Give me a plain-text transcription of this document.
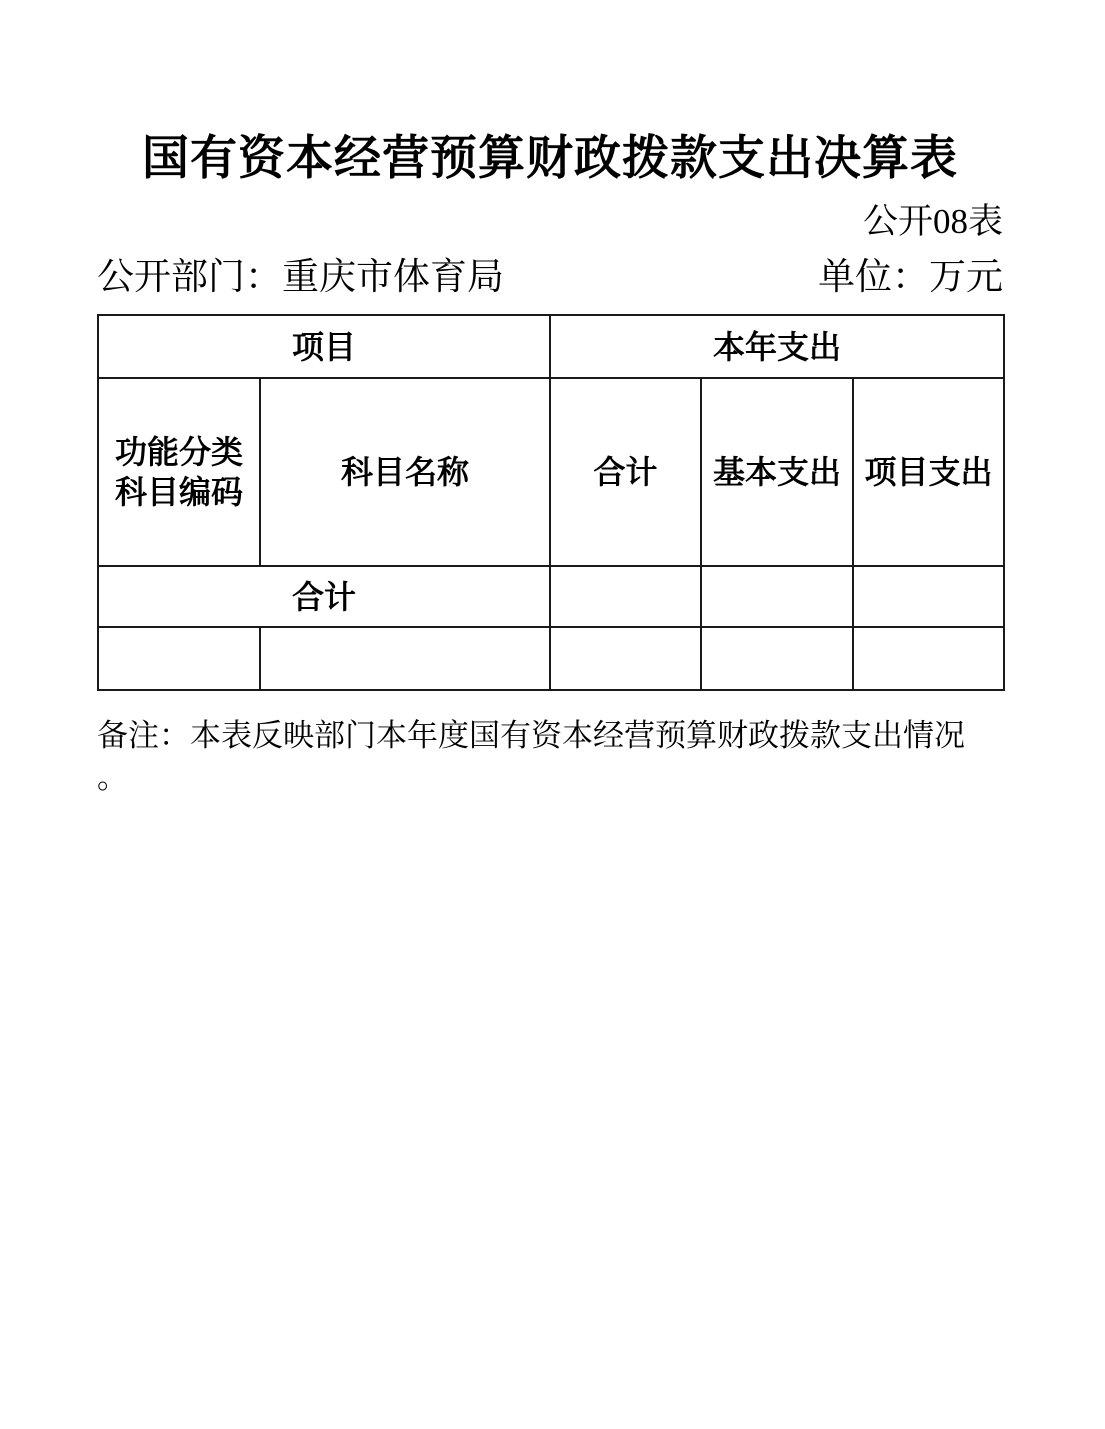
国有资本经营预算财政拨款支出决算表
公开08表
公开部门：重庆市体育局	单位：万元
项目		本年支出		
功能分类科目编码	科目名称	合计	基本支出	项目支出
合计				

备注：本表反映部门本年度国有资本经营预算财政拨款支出情况 。
